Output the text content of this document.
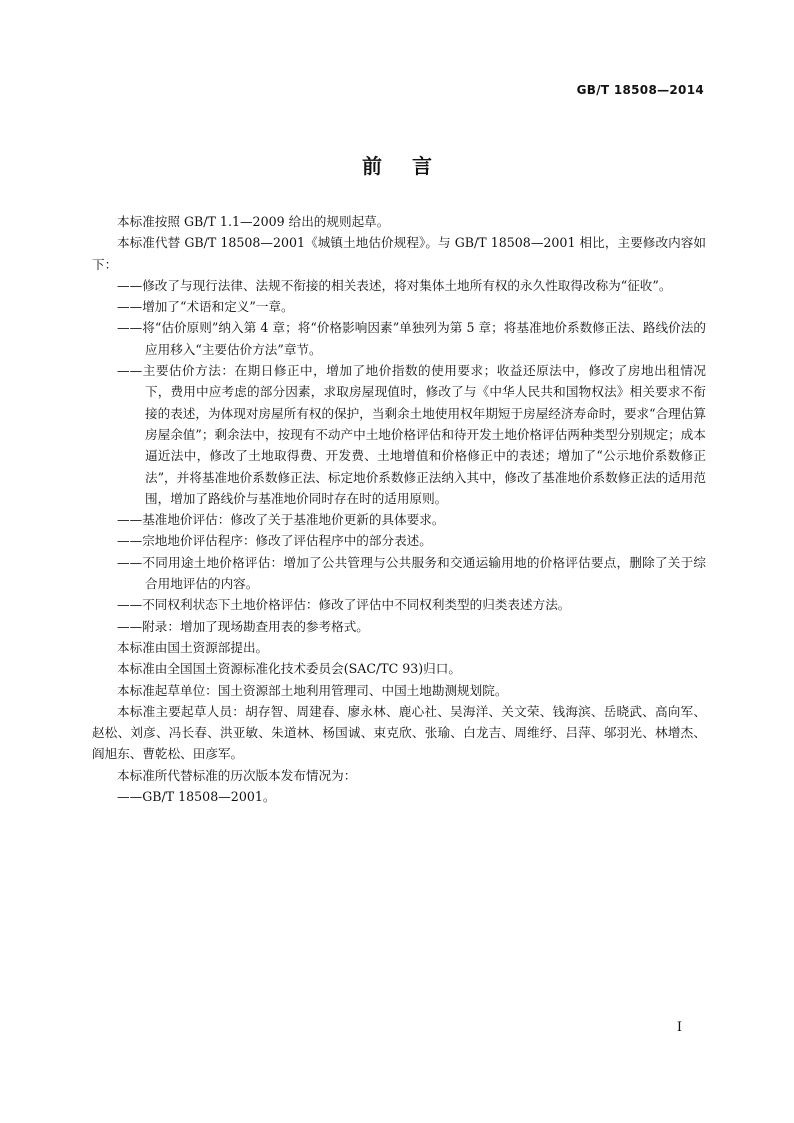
GB/T 18508—2014
前言

本标准按照 GB/T 1.1—2009 给出的规则起草。

本标准代替 GB/T 18508—2001《城镇土地估价规程》。与 GB/T 18508—2001 相比，主要修改内容如下：

——修改了与现行法律、法规不衔接的相关表述，将对集体土地所有权的永久性取得改称为“征收”。

——增加了“术语和定义”一章。

——将“估价原则”纳入第 4 章；将“价格影响因素”单独列为第 5 章；将基准地价系数修正法、路线价法的应用移入“主要估价方法”章节。

——主要估价方法：在期日修正中，增加了地价指数的使用要求；收益还原法中，修改了房地出租情况下，费用中应考虑的部分因素，求取房屋现值时，修改了与《中华人民共和国物权法》相关要求不衔接的表述，为体现对房屋所有权的保护，当剩余土地使用权年期短于房屋经济寿命时，要求“合理估算房屋余值”；剩余法中，按现有不动产中土地价格评估和待开发土地价格评估两种类型分别规定；成本逼近法中，修改了土地取得费、开发费、土地增值和价格修正中的表述；增加了“公示地价系数修正法”，并将基准地价系数修正法、标定地价系数修正法纳入其中，修改了基准地价系数修正法的适用范围，增加了路线价与基准地价同时存在时的适用原则。

——基准地价评估：修改了关于基准地价更新的具体要求。

——宗地地价评估程序：修改了评估程序中的部分表述。

——不同用途土地价格评估：增加了公共管理与公共服务和交通运输用地的价格评估要点，删除了关于综合用地评估的内容。

——不同权利状态下土地价格评估：修改了评估中不同权利类型的归类表述方法。

——附录：增加了现场勘查用表的参考格式。

本标准由国土资源部提出。

本标准由全国国土资源标准化技术委员会(SAC/TC 93)归口。

本标准起草单位：国土资源部土地利用管理司、中国土地勘测规划院。

本标准主要起草人员：胡存智、周建春、廖永林、鹿心社、吴海洋、关文荣、钱海滨、岳晓武、高向军、赵松、刘彦、冯长春、洪亚敏、朱道林、杨国诚、束克欣、张瑜、白龙吉、周维纾、吕萍、邬羽光、林增杰、阎旭东、曹乾松、田彦军。

本标准所代替标准的历次版本发布情况为：

——GB/T 18508—2001。

I
